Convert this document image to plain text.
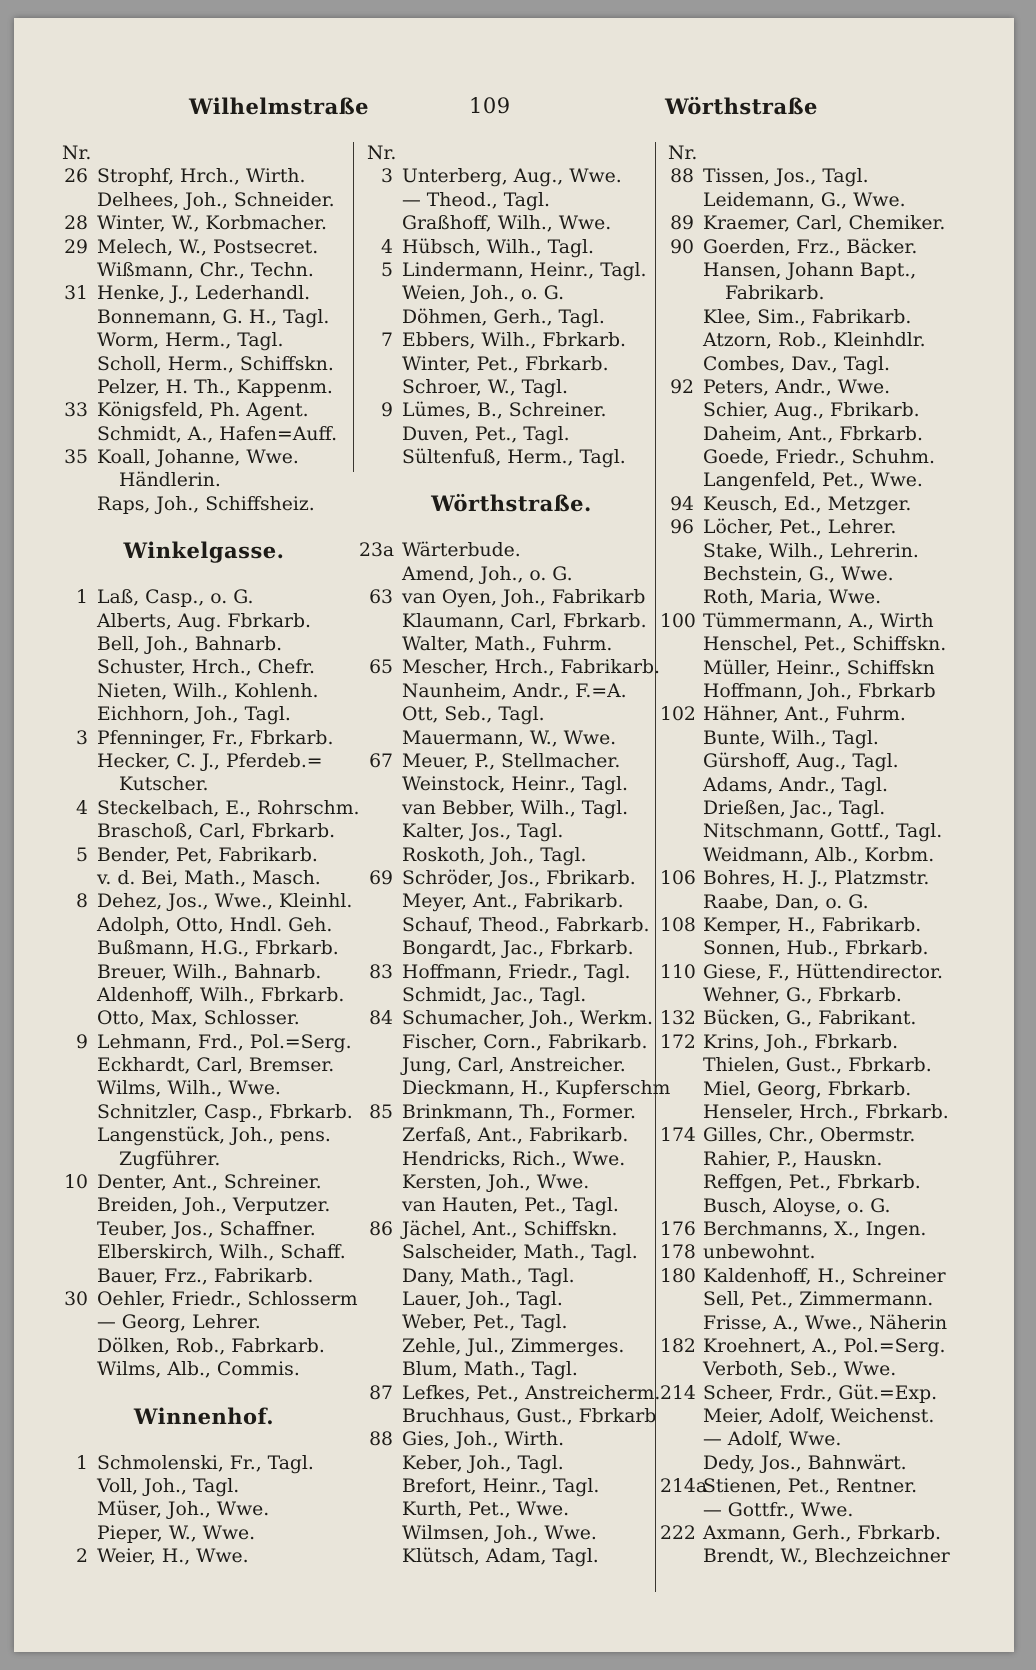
Wilhelmstraße	109	Wörthstraße
Nr.
26 Strophf, Hrch., Wirth.
Delhees, Joh., Schneider.
28 Winter, W., Korbmacher.
29 Melech, W., Postsecret.
Wißmann, Chr., Techn.
31 Henke, J., Lederhandl.
Bonnemann, G. H., Tagl.
Worm, Herm., Tagl.
Scholl, Herm., Schiffskn.
Pelzer, H. Th., Kappenm.
33 Königsfeld, Ph. Agent.
Schmidt, A., Hafen=Auff.
35 Koall, Johanne, Wwe.
Händlerin.
Raps, Joh., Schiffsheiz.
Winkelgasse.
1 Laß, Casp., o. G.
Alberts, Aug. Fbrkarb.
Bell, Joh., Bahnarb.
Schuster, Hrch., Chefr.
Nieten, Wilh., Kohlenh.
Eichhorn, Joh., Tagl.
3 Pfenninger, Fr., Fbrkarb.
Hecker, C. J., Pferdeb.=
Kutscher.
4 Steckelbach, E., Rohrschm.
Braschoß, Carl, Fbrkarb.
5 Bender, Pet, Fabrikarb.
v. d. Bei, Math., Masch.
8 Dehez, Jos., Wwe., Kleinhl.
Adolph, Otto, Hndl. Geh.
Bußmann, H.G., Fbrkarb.
Breuer, Wilh., Bahnarb.
Aldenhoff, Wilh., Fbrkarb.
Otto, Max, Schlosser.
9 Lehmann, Frd., Pol.=Serg.
Eckhardt, Carl, Bremser.
Wilms, Wilh., Wwe.
Schnitzler, Casp., Fbrkarb.
Langenstück, Joh., pens.
Zugführer.
10 Denter, Ant., Schreiner.
Breiden, Joh., Verputzer.
Teuber, Jos., Schaffner.
Elberskirch, Wilh., Schaff.
Bauer, Frz., Fabrikarb.
30 Oehler, Friedr., Schlosserm
— Georg, Lehrer.
Dölken, Rob., Fabrkarb.
Wilms, Alb., Commis.
Winnenhof.
1 Schmolenski, Fr., Tagl.
Voll, Joh., Tagl.
Müser, Joh., Wwe.
Pieper, W., Wwe.
2 Weier, H., Wwe.
Nr.
3 Unterberg, Aug., Wwe.
— Theod., Tagl.
Graßhoff, Wilh., Wwe.
4 Hübsch, Wilh., Tagl.
5 Lindermann, Heinr., Tagl.
Weien, Joh., o. G.
Döhmen, Gerh., Tagl.
7 Ebbers, Wilh., Fbrkarb.
Winter, Pet., Fbrkarb.
Schroer, W., Tagl.
9 Lümes, B., Schreiner.
Duven, Pet., Tagl.
Sültenfuß, Herm., Tagl.
Wörthstraße.
23a Wärterbude.
Amend, Joh., o. G.
63 van Oyen, Joh., Fabrikarb
Klaumann, Carl, Fbrkarb.
Walter, Math., Fuhrm.
65 Mescher, Hrch., Fabrikarb.
Naunheim, Andr., F.=A.
Ott, Seb., Tagl.
Mauermann, W., Wwe.
67 Meuer, P., Stellmacher.
Weinstock, Heinr., Tagl.
van Bebber, Wilh., Tagl.
Kalter, Jos., Tagl.
Roskoth, Joh., Tagl.
69 Schröder, Jos., Fbrikarb.
Meyer, Ant., Fabrikarb.
Schauf, Theod., Fabrkarb.
Bongardt, Jac., Fbrkarb.
83 Hoffmann, Friedr., Tagl.
Schmidt, Jac., Tagl.
84 Schumacher, Joh., Werkm.
Fischer, Corn., Fabrikarb.
Jung, Carl, Anstreicher.
Dieckmann, H., Kupferschm
85 Brinkmann, Th., Former.
Zerfaß, Ant., Fabrikarb.
Hendricks, Rich., Wwe.
Kersten, Joh., Wwe.
van Hauten, Pet., Tagl.
86 Jächel, Ant., Schiffskn.
Salscheider, Math., Tagl.
Dany, Math., Tagl.
Lauer, Joh., Tagl.
Weber, Pet., Tagl.
Zehle, Jul., Zimmerges.
Blum, Math., Tagl.
87 Lefkes, Pet., Anstreicherm.
Bruchhaus, Gust., Fbrkarb
88 Gies, Joh., Wirth.
Keber, Joh., Tagl.
Brefort, Heinr., Tagl.
Kurth, Pet., Wwe.
Wilmsen, Joh., Wwe.
Klütsch, Adam, Tagl.
Nr.
88 Tissen, Jos., Tagl.
Leidemann, G., Wwe.
89 Kraemer, Carl, Chemiker.
90 Goerden, Frz., Bäcker.
Hansen, Johann Bapt.,
Fabrikarb.
Klee, Sim., Fabrikarb.
Atzorn, Rob., Kleinhdlr.
Combes, Dav., Tagl.
92 Peters, Andr., Wwe.
Schier, Aug., Fbrikarb.
Daheim, Ant., Fbrkarb.
Goede, Friedr., Schuhm.
Langenfeld, Pet., Wwe.
94 Keusch, Ed., Metzger.
96 Löcher, Pet., Lehrer.
Stake, Wilh., Lehrerin.
Bechstein, G., Wwe.
Roth, Maria, Wwe.
100 Tümmermann, A., Wirth
Henschel, Pet., Schiffskn.
Müller, Heinr., Schiffskn
Hoffmann, Joh., Fbrkarb
102 Hähner, Ant., Fuhrm.
Bunte, Wilh., Tagl.
Gürshoff, Aug., Tagl.
Adams, Andr., Tagl.
Drießen, Jac., Tagl.
Nitschmann, Gottf., Tagl.
Weidmann, Alb., Korbm.
106 Bohres, H. J., Platzmstr.
Raabe, Dan, o. G.
108 Kemper, H., Fabrikarb.
Sonnen, Hub., Fbrkarb.
110 Giese, F., Hüttendirector.
Wehner, G., Fbrkarb.
132 Bücken, G., Fabrikant.
172 Krins, Joh., Fbrkarb.
Thielen, Gust., Fbrkarb.
Miel, Georg, Fbrkarb.
Henseler, Hrch., Fbrkarb.
174 Gilles, Chr., Obermstr.
Rahier, P., Hauskn.
Reffgen, Pet., Fbrkarb.
Busch, Aloyse, o. G.
176 Berchmanns, X., Ingen.
178 unbewohnt.
180 Kaldenhoff, H., Schreiner
Sell, Pet., Zimmermann.
Frisse, A., Wwe., Näherin
182 Kroehnert, A., Pol.=Serg.
Verboth, Seb., Wwe.
214 Scheer, Frdr., Güt.=Exp.
Meier, Adolf, Weichenst.
— Adolf, Wwe.
Dedy, Jos., Bahnwärt.
214a
Stienen, Pet., Rentner.
— Gottfr., Wwe.
222 Axmann, Gerh., Fbrkarb.
Brendt, W., Blechzeichner
